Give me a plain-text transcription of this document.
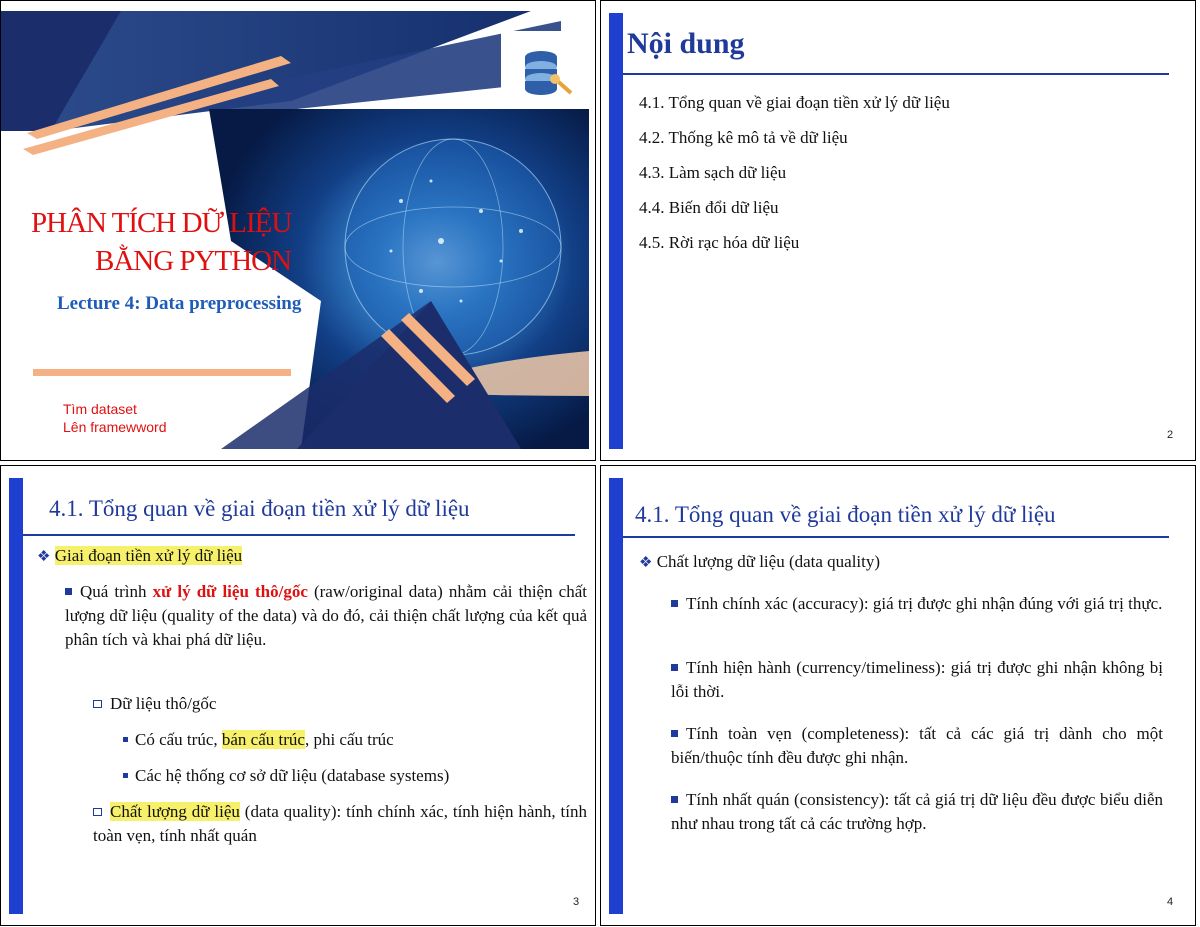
PHÂN TÍCH DỮ LIỆU
BẰNG PYTHON
Lecture 4: Data preprocessing
Tìm dataset
Lên framewword
Nội dung
4.1. Tổng quan về giai đoạn tiền xử lý dữ liệu
4.2. Thống kê mô tả về dữ liệu
4.3. Làm sạch dữ liệu
4.4. Biến đổi dữ liệu
4.5. Rời rạc hóa dữ liệu
2
4.1. Tổng quan về giai đoạn tiền xử lý dữ liệu
❖ Giai đoạn tiền xử lý dữ liệu
Quá trình xử lý dữ liệu thô/gốc (raw/original data) nhằm cải thiện chất lượng dữ liệu (quality of the data) và do đó, cải thiện chất lượng của kết quả phân tích và khai phá dữ liệu.
Dữ liệu thô/gốc
Có cấu trúc, bán cấu trúc, phi cấu trúc
Các hệ thống cơ sở dữ liệu (database systems)
Chất lượng dữ liệu (data quality): tính chính xác, tính hiện hành, tính toàn vẹn, tính nhất quán
3
4.1. Tổng quan về giai đoạn tiền xử lý dữ liệu
❖ Chất lượng dữ liệu (data quality)
Tính chính xác (accuracy): giá trị được ghi nhận đúng với giá trị thực.
Tính hiện hành (currency/timeliness): giá trị được ghi nhận không bị lỗi thời.
Tính toàn vẹn (completeness): tất cả các giá trị dành cho một biến/thuộc tính đều được ghi nhận.
Tính nhất quán (consistency): tất cả giá trị dữ liệu đều được biểu diễn như nhau trong tất cả các trường hợp.
4
